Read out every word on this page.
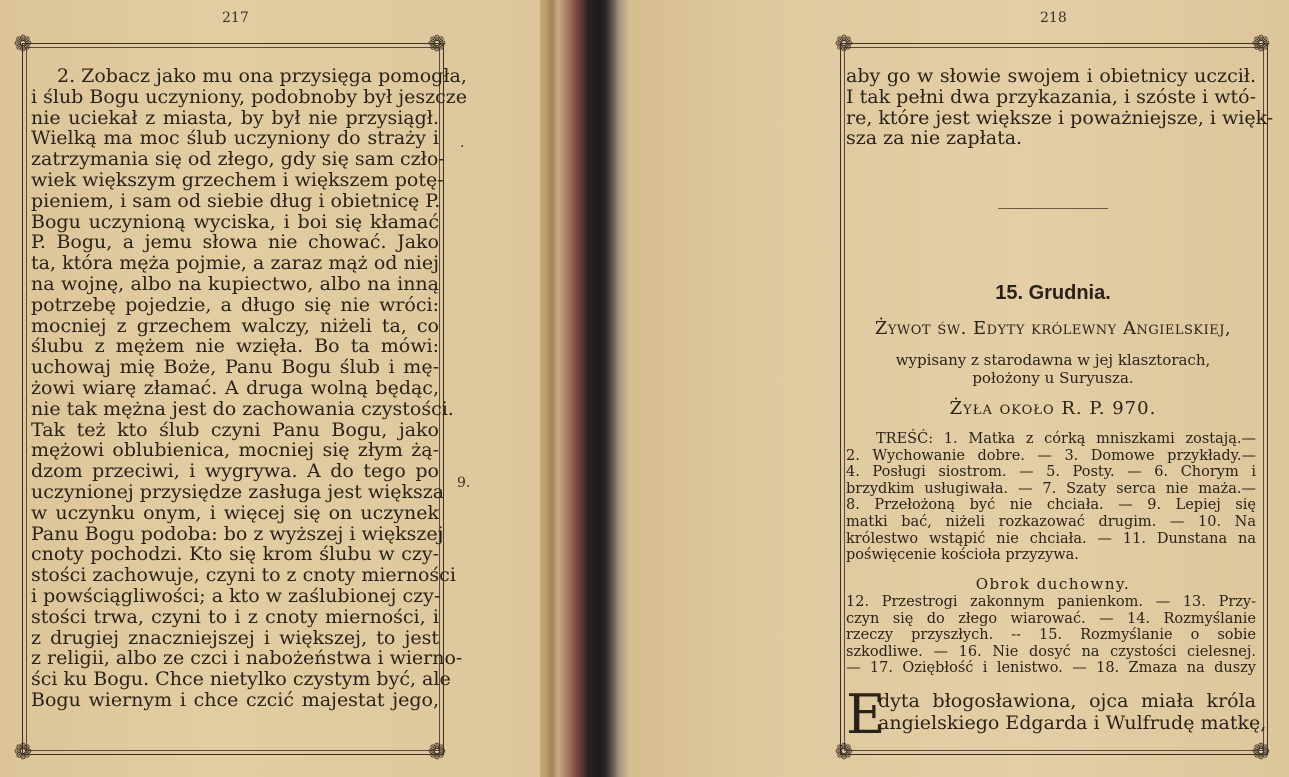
217
❁	❁
❁	❁
2. Zobacz jako mu ona przysięga pomogła,
i ślub Bogu uczyniony, podobnoby był jeszcze
nie uciekał z miasta, by był nie przysiągł.
Wielką ma moc ślub uczyniony do straży i
zatrzymania się od złego, gdy się sam czło-
wiek większym grzechem i większem potę-
pieniem, i sam od siebie dług i obietnicę P.
Bogu uczynioną wyciska, i boi się kłamać
P. Bogu, a jemu słowa nie chować. Jako
ta, która męża pojmie, a zaraz mąż od niej
na wojnę, albo na kupiectwo, albo na inną
potrzebę pojedzie, a długo się nie wróci:
mocniej z grzechem walczy, niżeli ta, co
ślubu z mężem nie wzięła. Bo ta mówi:
uchowaj mię Boże, Panu Bogu ślub i mę-
żowi wiarę złamać. A druga wolną będąc,
nie tak mężna jest do zachowania czystości.
Tak też kto ślub czyni Panu Bogu, jako
mężowi oblubienica, mocniej się złym żą-
dzom przeciwi, i wygrywa. A do tego po
uczynionej przysiędze zasługa jest większa
w uczynku onym, i więcej się on uczynek
Panu Bogu podoba: bo z wyższej i większej
cnoty pochodzi. Kto się krom ślubu w czy-
stości zachowuje, czyni to z cnoty mierności
i powściągliwości; a kto w zaślubionej czy-
stości trwa, czyni to i z cnoty mierności, i
z drugiej znaczniejszej i większej, to jest
z religii, albo ze czci i nabożeństwa i wierno-
ści ku Bogu. Chce nietylko czystym być, ale
Bogu wiernym i chce czcić majestat jego,
.
9.
218
❁	❁
❁	❁
aby go w słowie swojem i obietnicy uczcił.
I tak pełni dwa przykazania, i szóste i wtó-
re, które jest większe i poważniejsze, i więk-
sza za nie zapłata.
15. Grudnia.
Żywot św. Edyty królewny Angielskiej,
wypisany z starodawna w jej klasztorach,
położony u Suryusza.
Żyła około R. P. 970.
TREŚĆ: 1. Matka z córką mniszkami zostają.—
2. Wychowanie dobre. — 3. Domowe przykłady.—
4. Posługi siostrom. — 5. Posty. — 6. Chorym i
brzydkim usługiwała. — 7. Szaty serca nie maża.—
8. Przełożoną być nie chciała. — 9. Lepiej się
matki bać, niżeli rozkazować drugim. — 10. Na
królestwo wstąpić nie chciała. — 11. Dunstana na
poświęcenie kościoła przyzywa.
Obrok duchowny.
12. Przestrogi zakonnym panienkom. — 13. Przy-
czyn się do złego wiarować. — 14. Rozmyślanie
rzeczy przyszłych. -- 15. Rozmyślanie o sobie
szkodliwe. — 16. Nie dosyć na czystości cielesnej.
— 17. Oziębłość i lenistwo. — 18. Zmaza na duszy
E
dyta błogosławiona, ojca miała króla
angielskiego Edgarda i Wulfrudę matkę,
